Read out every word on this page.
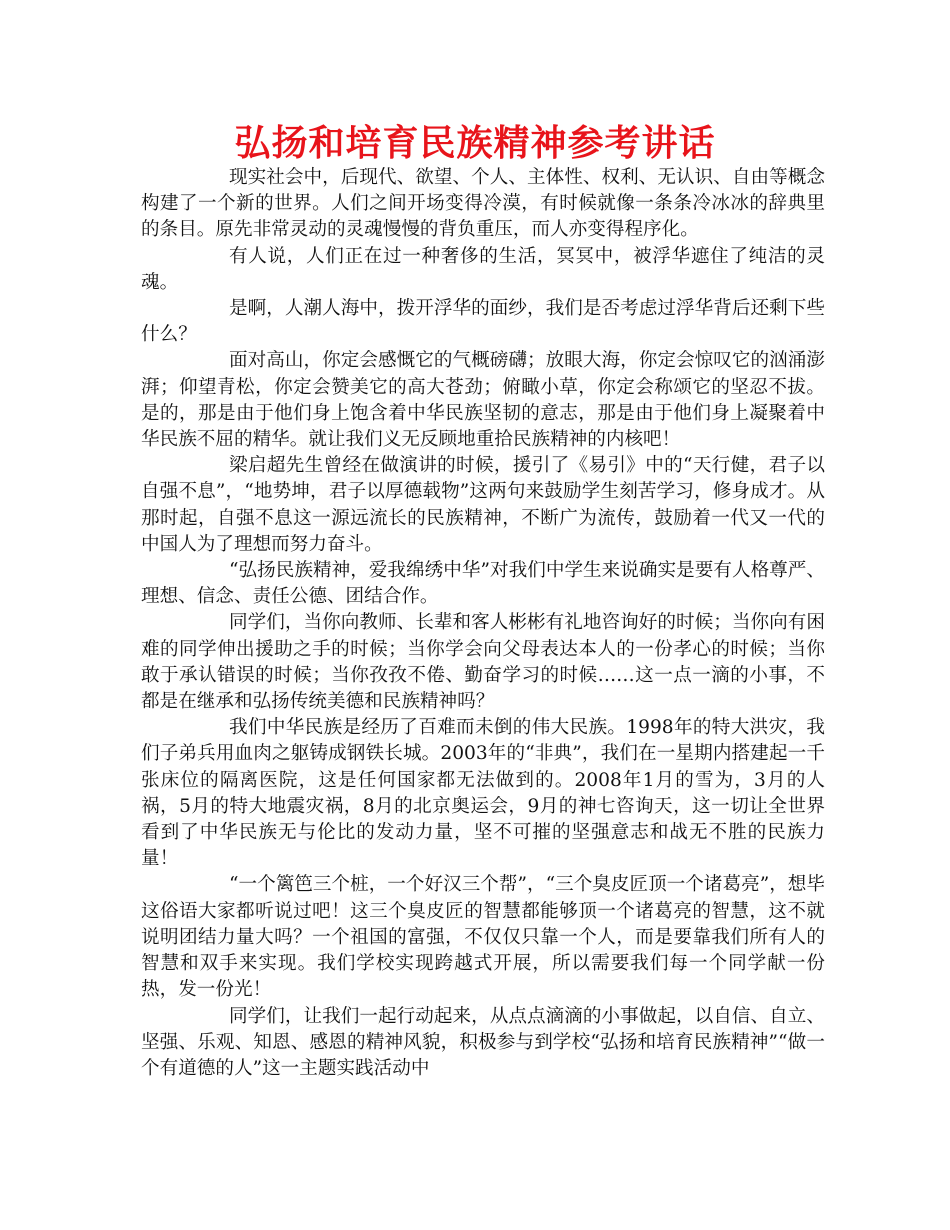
弘扬和培育民族精神参考讲话

现实社会中，后现代、欲望、个人、主体性、权利、无认识、自由等概念构建了一个新的世界。人们之间开场变得冷漠，有时候就像一条条冷冰冰的辞典里的条目。原先非常灵动的灵魂慢慢的背负重压，而人亦变得程序化。

有人说，人们正在过一种奢侈的生活，冥冥中，被浮华遮住了纯洁的灵魂。

是啊，人潮人海中，拨开浮华的面纱，我们是否考虑过浮华背后还剩下些什么？

面对高山，你定会感慨它的气概磅礴；放眼大海，你定会惊叹它的汹涌澎湃；仰望青松，你定会赞美它的高大苍劲；俯瞰小草，你定会称颂它的坚忍不拔。是的，那是由于他们身上饱含着中华民族坚韧的意志，那是由于他们身上凝聚着中华民族不屈的精华。就让我们义无反顾地重拾民族精神的内核吧！

梁启超先生曾经在做演讲的时候，援引了《易引》中的“天行健，君子以自强不息”，“地势坤，君子以厚德载物”这两句来鼓励学生刻苦学习，修身成才。从那时起，自强不息这一源远流长的民族精神，不断广为流传，鼓励着一代又一代的中国人为了理想而努力奋斗。

“弘扬民族精神，爱我绵绣中华”对我们中学生来说确实是要有人格尊严、理想、信念、责任公德、团结合作。

同学们，当你向教师、长辈和客人彬彬有礼地咨询好的时候；当你向有困难的同学伸出援助之手的时候；当你学会向父母表达本人的一份孝心的时候；当你敢于承认错误的时候；当你孜孜不倦、勤奋学习的时候……这一点一滴的小事，不都是在继承和弘扬传统美德和民族精神吗？

我们中华民族是经历了百难而未倒的伟大民族。1998年的特大洪灾，我们子弟兵用血肉之躯铸成钢铁长城。2003年的“非典”，我们在一星期内搭建起一千张床位的隔离医院，这是任何国家都无法做到的。2008年1月的雪为，3月的人祸，5月的特大地震灾祸，8月的北京奥运会，9月的神七咨询天，这一切让全世界看到了中华民族无与伦比的发动力量，坚不可摧的坚强意志和战无不胜的民族力量！

“一个篱笆三个桩，一个好汉三个帮”，“三个臭皮匠顶一个诸葛亮”，想毕这俗语大家都听说过吧！这三个臭皮匠的智慧都能够顶一个诸葛亮的智慧，这不就说明团结力量大吗？一个祖国的富强，不仅仅只靠一个人，而是要靠我们所有人的智慧和双手来实现。我们学校实现跨越式开展，所以需要我们每一个同学献一份热，发一份光！

同学们，让我们一起行动起来，从点点滴滴的小事做起，以自信、自立、坚强、乐观、知恩、感恩的精神风貌，积极参与到学校“弘扬和培育民族精神”“做一个有道德的人”这一主题实践活动中
